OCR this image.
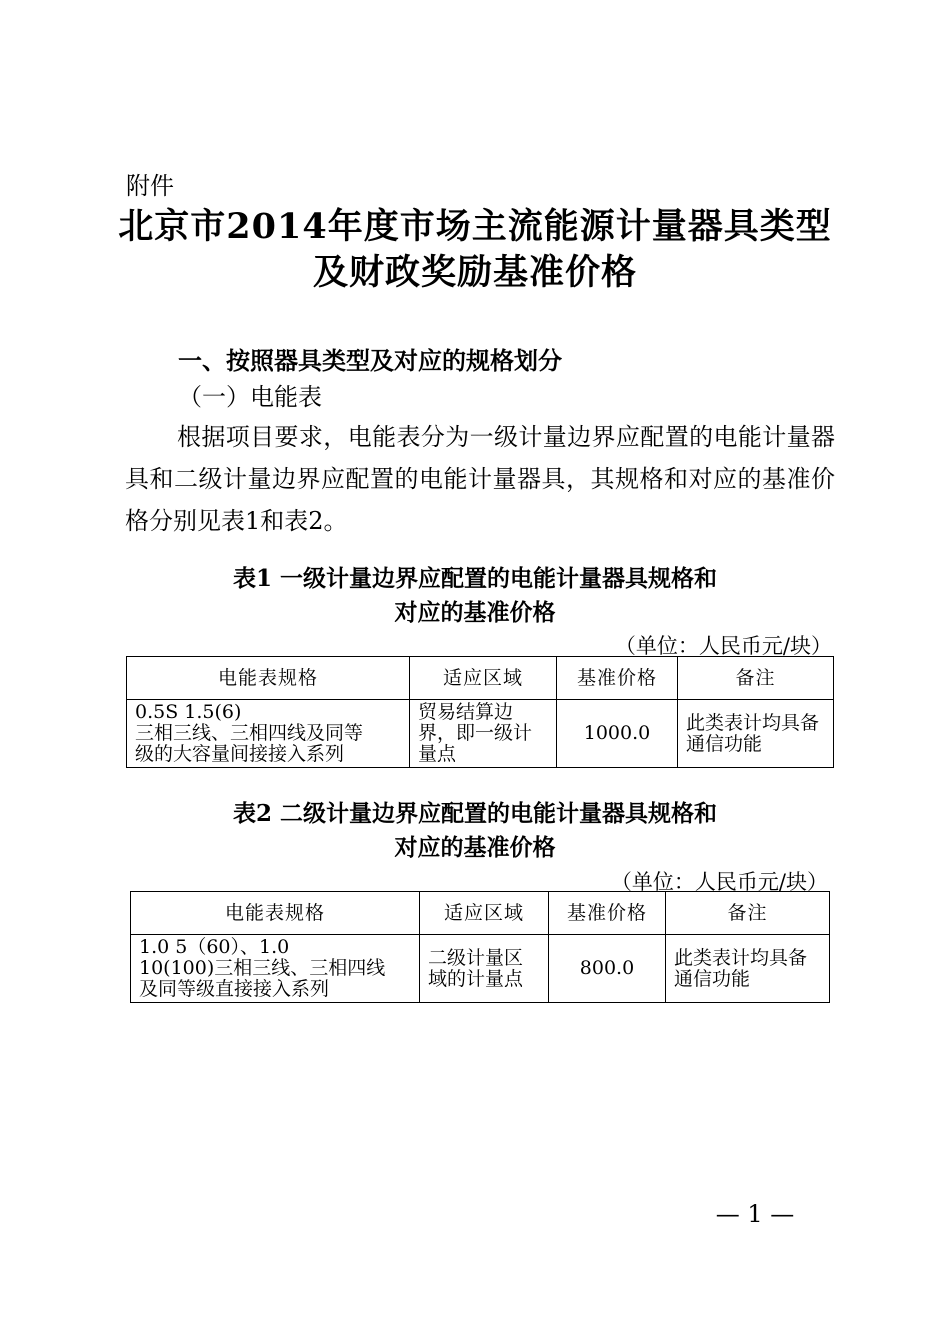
附件
北京市2014年度市场主流能源计量器具类型
及财政奖励基准价格
一、按照器具类型及对应的规格划分
（一）电能表
根据项目要求，电能表分为一级计量边界应配置的电能计量器具和二级计量边界应配置的电能计量器具，其规格和对应的基准价格分别见表1和表2。
表1 一级计量边界应配置的电能计量器具规格和
对应的基准价格
（单位：人民币元/块）
电能表规格	适应区域	基准价格	备注

0.5S 1.5(6)
三相三线、三相四线及同等
级的大容量间接接入系列	贸易结算边界，即一级计量点	1000.0	此类表计均具备通信功能
表2 二级计量边界应配置的电能计量器具规格和
对应的基准价格
（单位：人民币元/块）
电能表规格	适应区域	基准价格	备注

1.0 5（60）、1.0
10(100)三相三线、三相四线
及同等级直接接入系列	二级计量区域的计量点	800.0	此类表计均具备通信功能
— 1 —
